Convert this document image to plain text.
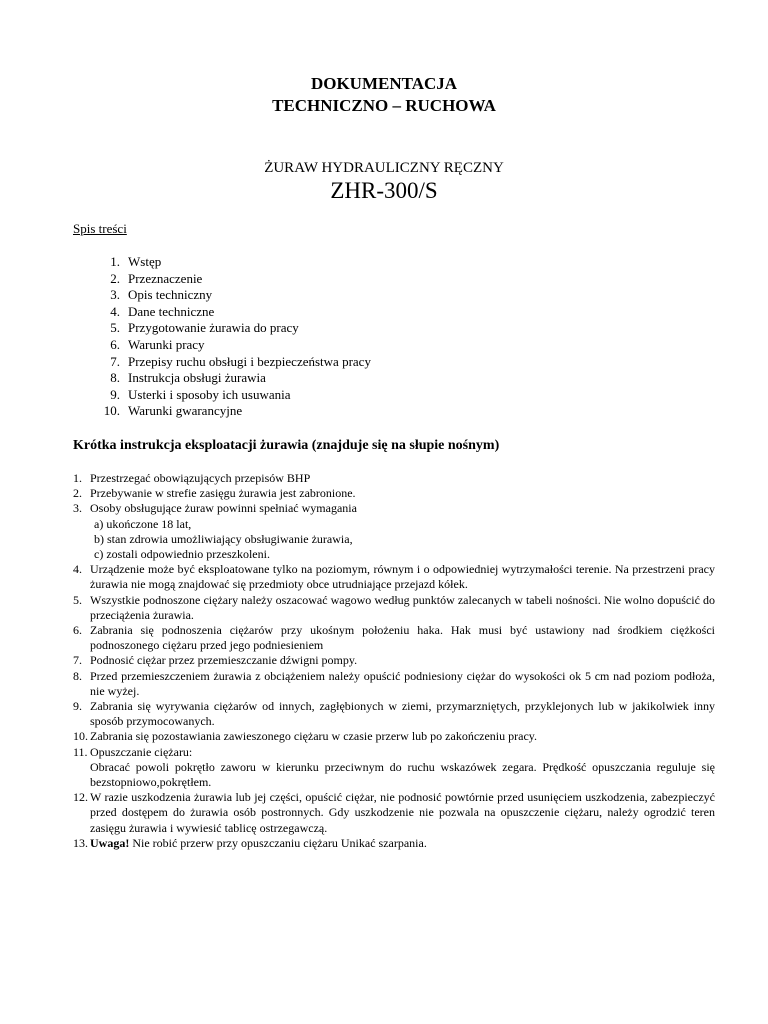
DOKUMENTACJA
TECHNICZNO – RUCHOWA
ŻURAW HYDRAULICZNY RĘCZNY
ZHR-300/S
Spis treści
1. Wstęp
2. Przeznaczenie
3. Opis techniczny
4. Dane techniczne
5. Przygotowanie żurawia do pracy
6. Warunki pracy
7. Przepisy ruchu obsługi i bezpieczeństwa pracy
8. Instrukcja obsługi żurawia
9. Usterki i sposoby ich usuwania
10. Warunki gwarancyjne
Krótka instrukcja eksploatacji żurawia (znajduje się na słupie nośnym)
1. Przestrzegać obowiązujących przepisów BHP
2. Przebywanie w strefie zasięgu żurawia jest zabronione.
3. Osoby obsługujące żuraw powinni spełniać wymagania
a) ukończone 18 lat,
b) stan zdrowia umożliwiający obsługiwanie żurawia,
c) zostali odpowiednio przeszkoleni.
4. Urządzenie może być eksploatowane tylko na poziomym, równym i o odpowiedniej wytrzymałości terenie. Na przestrzeni pracy żurawia nie mogą znajdować się przedmioty obce utrudniające przejazd kółek.
5. Wszystkie podnoszone ciężary należy oszacować wagowo według punktów zalecanych w tabeli nośności. Nie wolno dopuścić do przeciążenia żurawia.
6. Zabrania się podnoszenia ciężarów przy ukośnym położeniu haka. Hak musi być ustawiony nad środkiem ciężkości podnoszonego ciężaru przed jego podniesieniem
7. Podnosić ciężar przez przemieszczanie dźwigni pompy.
8. Przed przemieszczeniem żurawia z obciążeniem należy opuścić podniesiony ciężar do wysokości ok 5 cm nad poziom podłoża, nie wyżej.
9. Zabrania się wyrywania ciężarów od innych, zagłębionych w ziemi, przymarzniętych, przyklejonych lub w jakikolwiek inny sposób przymocowanych.
10. Zabrania się pozostawiania zawieszonego ciężaru w czasie przerw lub po zakończeniu pracy.
11. Opuszczanie ciężaru:
Obracać powoli pokrętło zaworu w kierunku przeciwnym do ruchu wskazówek zegara. Prędkość opuszczania reguluje się bezstopniowo,pokrętłem.
12. W razie uszkodzenia żurawia lub jej części, opuścić ciężar, nie podnosić powtórnie przed usunięciem uszkodzenia, zabezpieczyć przed dostępem do żurawia osób postronnych. Gdy uszkodzenie nie pozwala na opuszczenie ciężaru, należy ogrodzić teren zasięgu żurawia i wywiesić tablicę ostrzegawczą.
13. Uwaga! Nie robić przerw przy opuszczaniu ciężaru Unikać szarpania.
